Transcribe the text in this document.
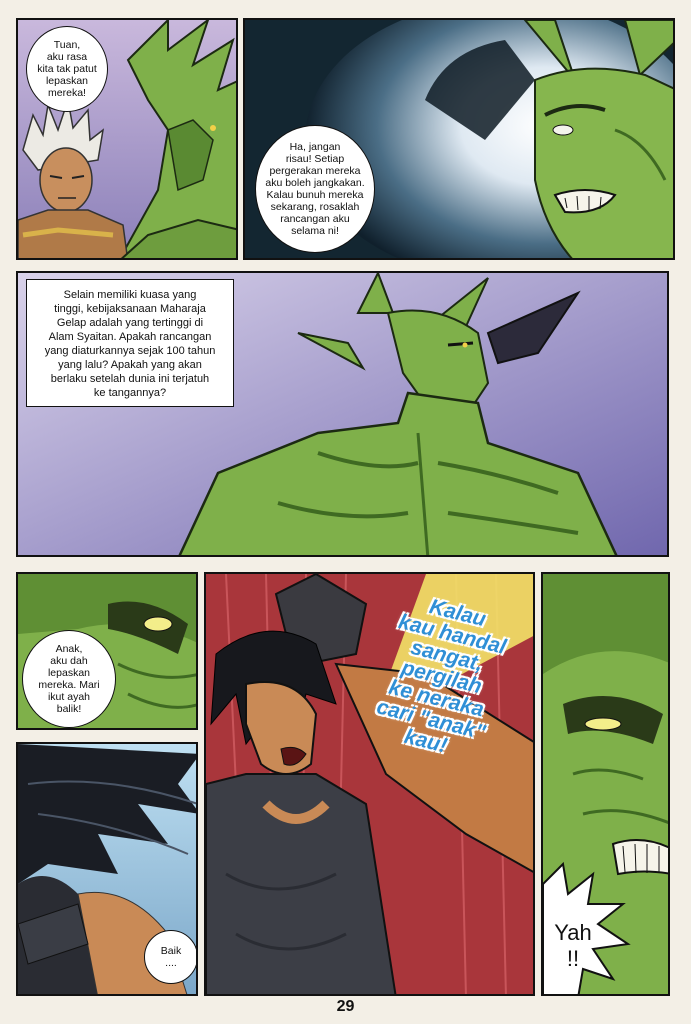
Tuan,
aku rasa
kita tak patut
lepaskan
mereka!
Ha, jangan
risau! Setiap
pergerakan mereka
aku boleh jangkakan.
Kalau bunuh mereka
sekarang, rosaklah
rancangan aku
selama ni!
Selain memiliki kuasa yang
tinggi, kebijaksanaan Maharaja
Gelap adalah yang tertinggi di
Alam Syaitan. Apakah rancangan
yang diaturkannya sejak 100 tahun
yang lalu? Apakah yang akan
berlaku setelah dunia ini terjatuh
ke tangannya?
Anak,
aku dah
lepaskan
mereka. Mari
ikut ayah
balik!
Baik
....
Kalau
kau handal
sangat,
pergilah
ke neraka
cari "anak"
kau!
Yah
!!
29
